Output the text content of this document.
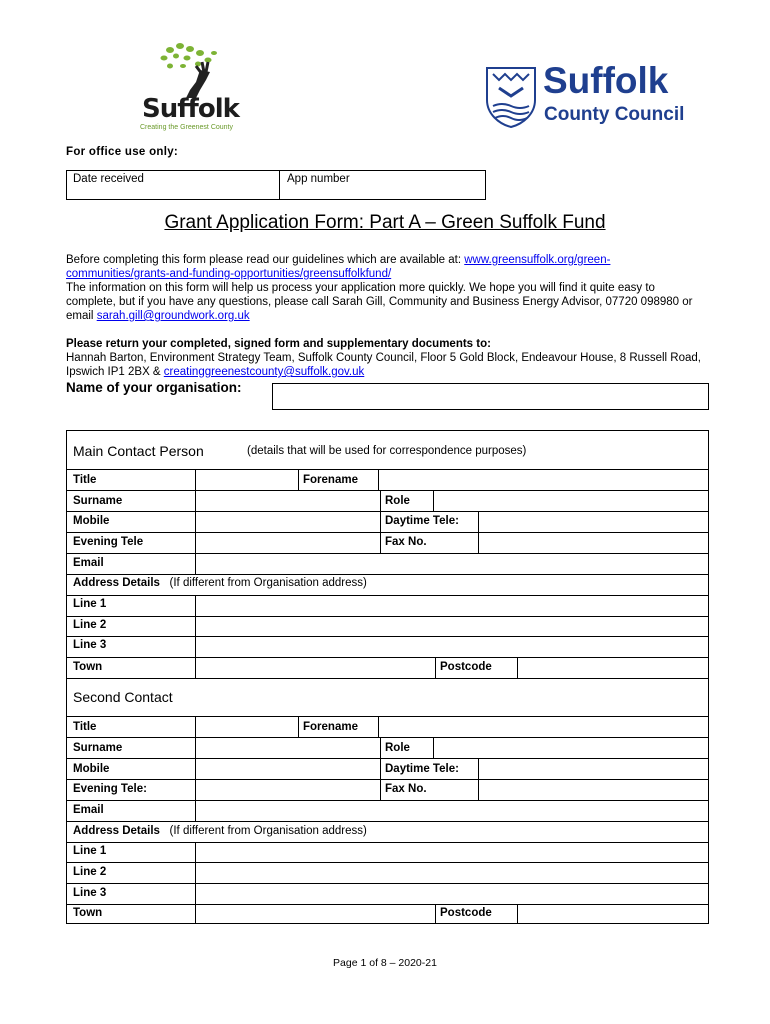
Suffolk
Creating the Greenest County
Suffolk
County Council
For office use only:
Date received	App number
Grant Application Form: Part A – Green Suffolk Fund

Before completing this form please read our guidelines which are available at: www.greensuffolk.org/green-communities/grants-and-funding-opportunities/greensuffolkfund/

The information on this form will help us process your application more quickly. We hope you will find it quite easy to complete, but if you have any questions, please call Sarah Gill, Community and Business Energy Advisor, 07720 098980 or email sarah.gill@groundwork.org.uk

Please return your completed, signed form and supplementary documents to:
Hannah Barton, Environment Strategy Team, Suffolk County Council, Floor 5 Gold Block, Endeavour House, 8 Russell Road, Ipswich IP1 2BX & creatinggreenestcounty@suffolk.gov.uk
Name of your organisation:
Main Contact Person	(details that will be used for correspondence purposes)
Title	Forename
Surname	Role
Mobile	Daytime Tele:
Evening Tele	Fax No.
Email
Address Details (If different from Organisation address)
Line 1
Line 2
Line 3
Town	Postcode
Second Contact
Title	Forename
Surname	Role
Mobile	Daytime Tele:
Evening Tele:	Fax No.
Email
Address Details (If different from Organisation address)
Line 1
Line 2
Line 3
Town	Postcode
Page 1 of 8 – 2020-21
